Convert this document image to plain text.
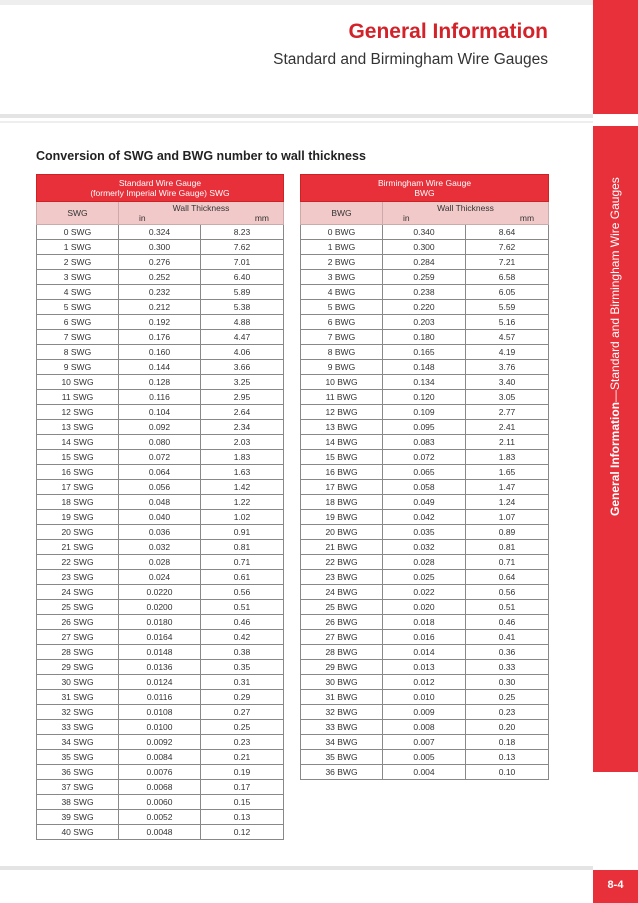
General Information
Standard and Birmingham Wire Gauges
General Information—Standard and Birmingham Wire Gauges
Conversion of SWG and BWG number to wall thickness
Standard Wire Gauge
(formerly Imperial Wire Gauge) SWG		

SWG	Wall Thickness
in mm	

0 SWG	0.324	8.23
1 SWG	0.300	7.62
2 SWG	0.276	7.01
3 SWG	0.252	6.40
4 SWG	0.232	5.89
5 SWG	0.212	5.38
6 SWG	0.192	4.88
7 SWG	0.176	4.47
8 SWG	0.160	4.06
9 SWG	0.144	3.66
10 SWG	0.128	3.25
11 SWG	0.116	2.95
12 SWG	0.104	2.64
13 SWG	0.092	2.34
14 SWG	0.080	2.03
15 SWG	0.072	1.83
16 SWG	0.064	1.63
17 SWG	0.056	1.42
18 SWG	0.048	1.22
19 SWG	0.040	1.02
20 SWG	0.036	0.91
21 SWG	0.032	0.81
22 SWG	0.028	0.71
23 SWG	0.024	0.61
24 SWG	0.0220	0.56
25 SWG	0.0200	0.51
26 SWG	0.0180	0.46
27 SWG	0.0164	0.42
28 SWG	0.0148	0.38
29 SWG	0.0136	0.35
30 SWG	0.0124	0.31
31 SWG	0.0116	0.29
32 SWG	0.0108	0.27
33 SWG	0.0100	0.25
34 SWG	0.0092	0.23
35 SWG	0.0084	0.21
36 SWG	0.0076	0.19
37 SWG	0.0068	0.17
38 SWG	0.0060	0.15
39 SWG	0.0052	0.13
40 SWG	0.0048	0.12
Birmingham Wire Gauge
BWG		

BWG	Wall Thickness
in mm	

0 BWG	0.340	8.64
1 BWG	0.300	7.62
2 BWG	0.284	7.21
3 BWG	0.259	6.58
4 BWG	0.238	6.05
5 BWG	0.220	5.59
6 BWG	0.203	5.16
7 BWG	0.180	4.57
8 BWG	0.165	4.19
9 BWG	0.148	3.76
10 BWG	0.134	3.40
11 BWG	0.120	3.05
12 BWG	0.109	2.77
13 BWG	0.095	2.41
14 BWG	0.083	2.11
15 BWG	0.072	1.83
16 BWG	0.065	1.65
17 BWG	0.058	1.47
18 BWG	0.049	1.24
19 BWG	0.042	1.07
20 BWG	0.035	0.89
21 BWG	0.032	0.81
22 BWG	0.028	0.71
23 BWG	0.025	0.64
24 BWG	0.022	0.56
25 BWG	0.020	0.51
26 BWG	0.018	0.46
27 BWG	0.016	0.41
28 BWG	0.014	0.36
29 BWG	0.013	0.33
30 BWG	0.012	0.30
31 BWG	0.010	0.25
32 BWG	0.009	0.23
33 BWG	0.008	0.20
34 BWG	0.007	0.18
35 BWG	0.005	0.13
36 BWG	0.004	0.10
8-4
